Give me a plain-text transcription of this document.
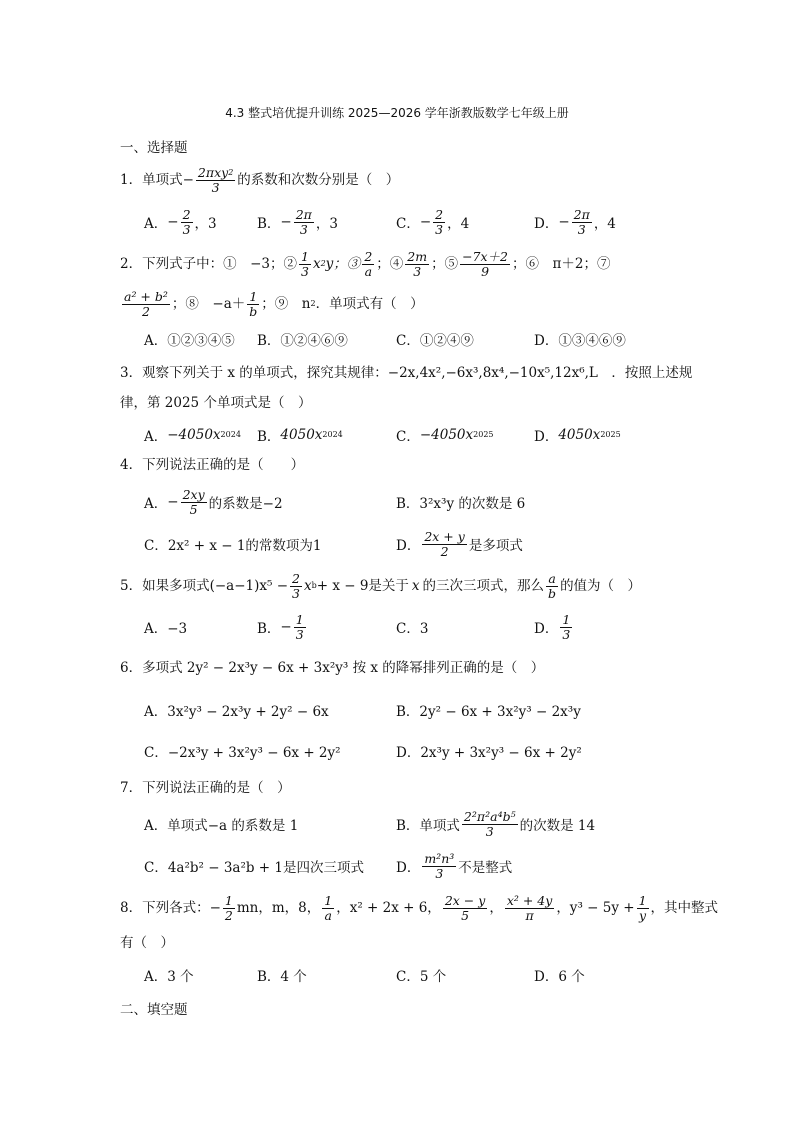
4.3 整式培优提升训练 2025—2026 学年浙教版数学七年级上册
一、选择题
1．单项式 − $\frac{\text{2πxy 2}}{3}$ 的系数和次数分别是（　）
A． − $\frac{2}{3}$ ，3	B． − $\frac{2\pi}{3}$ ，3	C． − $\frac{2}{3}$ ，4	D． − $\frac{2\pi}{3}$ ，4
2．下列式子中：①　−3；② $\frac{1}{3}$ x 2 y；③ $\frac{2}{a}$ ；④ $\frac{2m}{3}$ ；⑤ $\frac{-7x+2}{9}$ ；⑥　π＋2；⑦
$\frac{\text{a² + b²}}{2}$ ；⑧　$-a+ \frac{1}{b}$ ；⑨　n 2 ．单项式有（　）
A．①②③④⑤ B．①②④⑥⑨	C．①②④⑨	D．①③④⑥⑨
3．观察下列关于 x 的单项式，探究其规律：−2x,4x²,−6x³,8x⁴,−10x⁵,12x⁶,L　．按照上述规
律，第 2025 个单项式是（　）
A． −4050x 2024 B． 4050x 2024	C． −4050x 2025	D． 4050x 2025
4．下列说法正确的是（　　）
A． − $\frac{2xy}{5}$ 的系数是−2	B．3²x³y 的次数是 6
C．2x² + x − 1的常数项为1	D． $\frac{2x + y}{2}$ 是多项式
5．如果多项式$(-a-1)x^5 - \frac{2}{3}$ x b + x − 9是关于 x 的三次三项式，那么 $\frac{a}{b}$ 的值为（　）
A．−3	B． − $\frac{1}{3}$	C．3	D． $\frac{1}{3}$
6．多项式 2y² − 2x³y − 6x + 3x²y³ 按 x 的降幂排列正确的是（　）
A．3x²y³ − 2x³y + 2y² − 6x	B．2y² − 6x + 3x²y³ − 2x³y
C．−2x³y + 3x²y³ − 6x + 2y²	D．2x³y + 3x²y³ − 6x + 2y²
7．下列说法正确的是（　）
A．单项式−a 的系数是 1	B．单项式 $\frac{\text{2²π²a⁴b⁵}}{3}$ 的次数是 14
C．4a²b² − 3a²b + 1是四次三项式 D． $\frac{\text{m²n³}}{3}$ 不是整式
8．下列各式：− $\frac{1}{2}$ mn，m，8， $\frac{1}{a}$ ，x² + 2x + 6， $\frac{2x - y}{5}$ ， $\frac{\text{x² + 4y}}{\pi}$ ，$y^3 - 5y + \frac{1}{y}$ ，其中整式
有（　）
A．3 个	B．4 个	C．5 个	D．6 个
二、填空题
